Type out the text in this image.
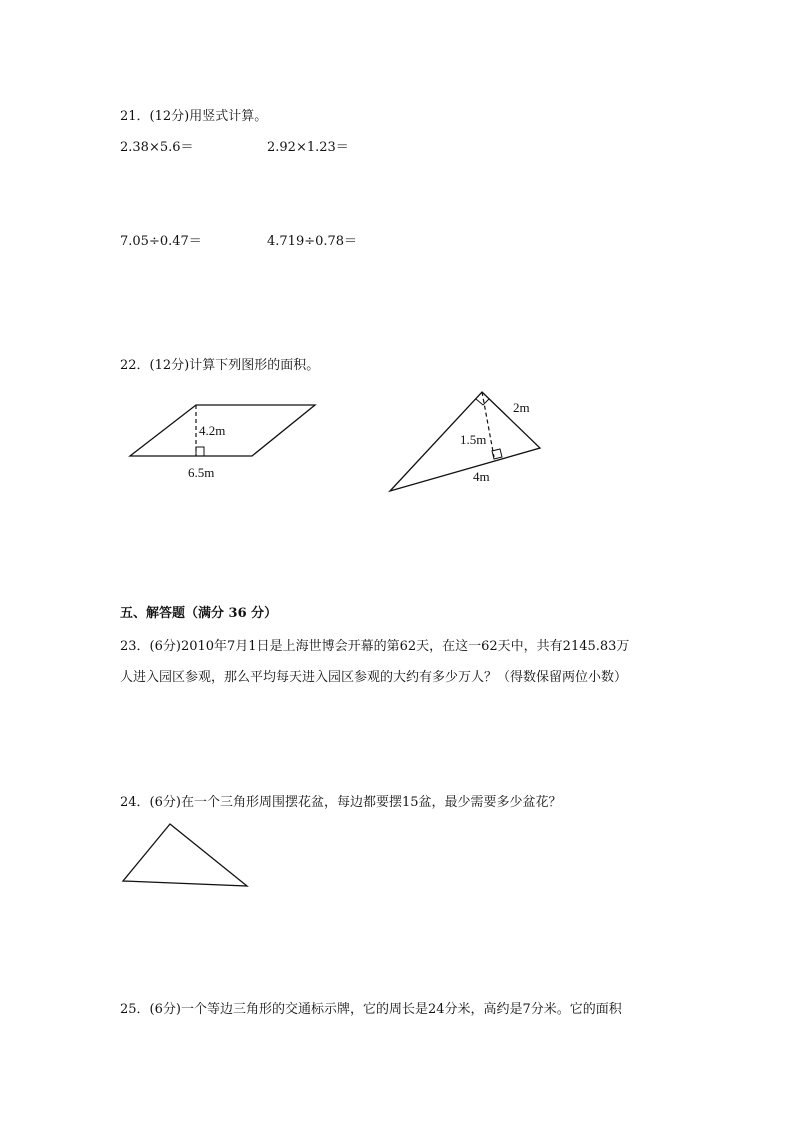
21．(12分)用竖式计算。
2.38×5.6＝	2.92×1.23＝
7.05÷0.47＝	4.719÷0.78＝
22．(12分)计算下列图形的面积。
4.2m
6.5m
2m
1.5m
4m
五、解答题（满分 36 分）
23．(6分)2010年7月1日是上海世博会开幕的第62天，在这一62天中，共有2145.83万
人进入园区参观，那么平均每天进入园区参观的大约有多少万人？（得数保留两位小数）
24．(6分)在一个三角形周围摆花盆，每边都要摆15盆，最少需要多少盆花？
25．(6分)一个等边三角形的交通标示牌，它的周长是24分米，高约是7分米。它的面积
